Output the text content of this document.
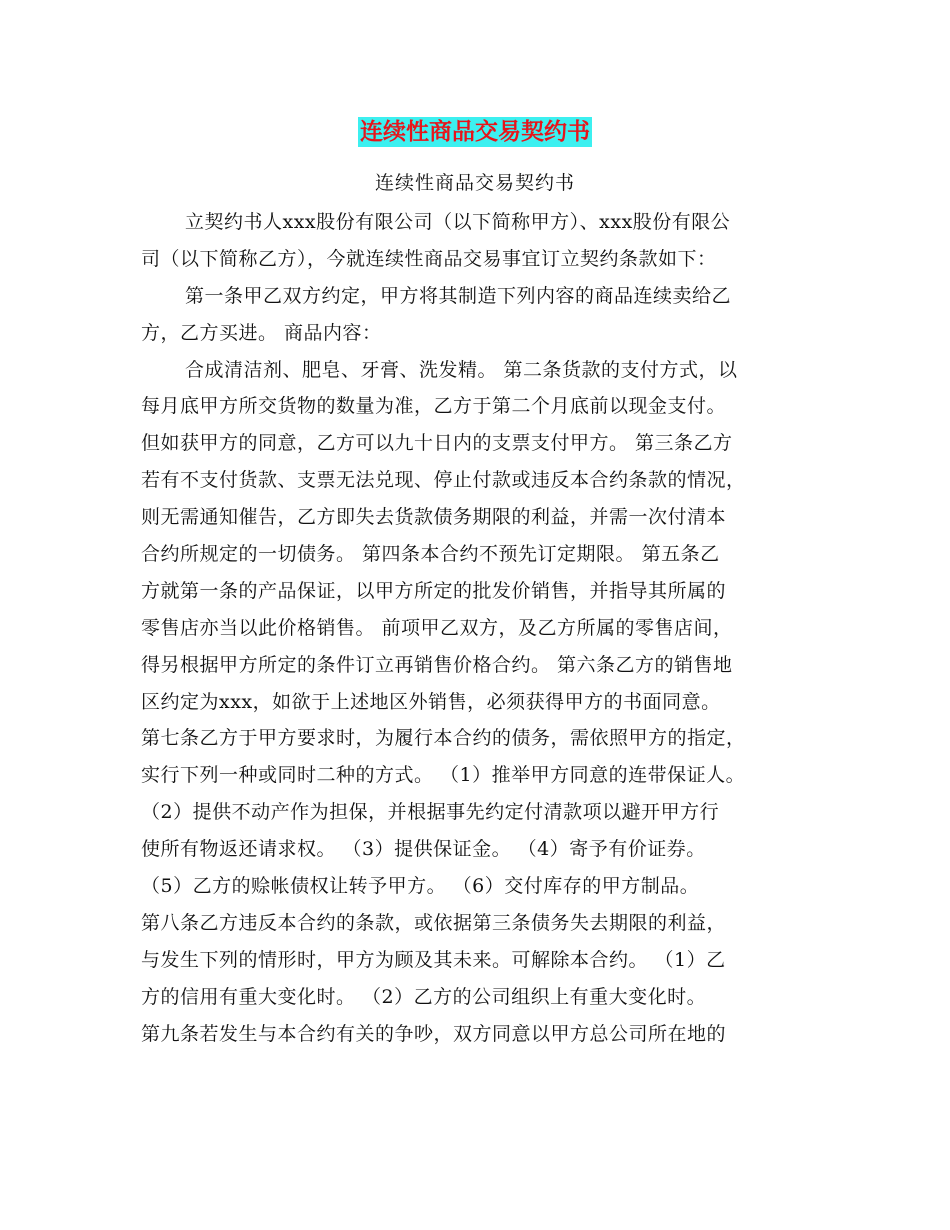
连续性商品交易契约书
连续性商品交易契约书
立契约书人xxx股份有限公司（以下简称甲方）、xxx股份有限公
司（以下简称乙方），今就连续性商品交易事宜订立契约条款如下：
第一条甲乙双方约定，甲方将其制造下列内容的商品连续卖给乙
方，乙方买进。 商品内容：
合成清洁剂、肥皂、牙膏、洗发精。 第二条货款的支付方式，以
每月底甲方所交货物的数量为准，乙方于第二个月底前以现金支付。
但如获甲方的同意，乙方可以九十日内的支票支付甲方。 第三条乙方
若有不支付货款、支票无法兑现、停止付款或违反本合约条款的情况，
则无需通知催告，乙方即失去货款债务期限的利益，并需一次付清本
合约所规定的一切债务。 第四条本合约不预先订定期限。 第五条乙
方就第一条的产品保证，以甲方所定的批发价销售，并指导其所属的
零售店亦当以此价格销售。 前项甲乙双方，及乙方所属的零售店间，
得另根据甲方所定的条件订立再销售价格合约。 第六条乙方的销售地
区约定为xxx，如欲于上述地区外销售，必须获得甲方的书面同意。
第七条乙方于甲方要求时，为履行本合约的债务，需依照甲方的指定，
实行下列一种或同时二种的方式。 （1）推举甲方同意的连带保证人。
（2）提供不动产作为担保，并根据事先约定付清款项以避开甲方行
使所有物返还请求权。 （3）提供保证金。 （4）寄予有价证券。
（5）乙方的赊帐债权让转予甲方。 （6）交付库存的甲方制品。
第八条乙方违反本合约的条款，或依据第三条债务失去期限的利益，
与发生下列的情形时，甲方为顾及其未来。可解除本合约。 （1）乙
方的信用有重大变化时。 （2）乙方的公司组织上有重大变化时。
第九条若发生与本合约有关的争吵，双方同意以甲方总公司所在地的
